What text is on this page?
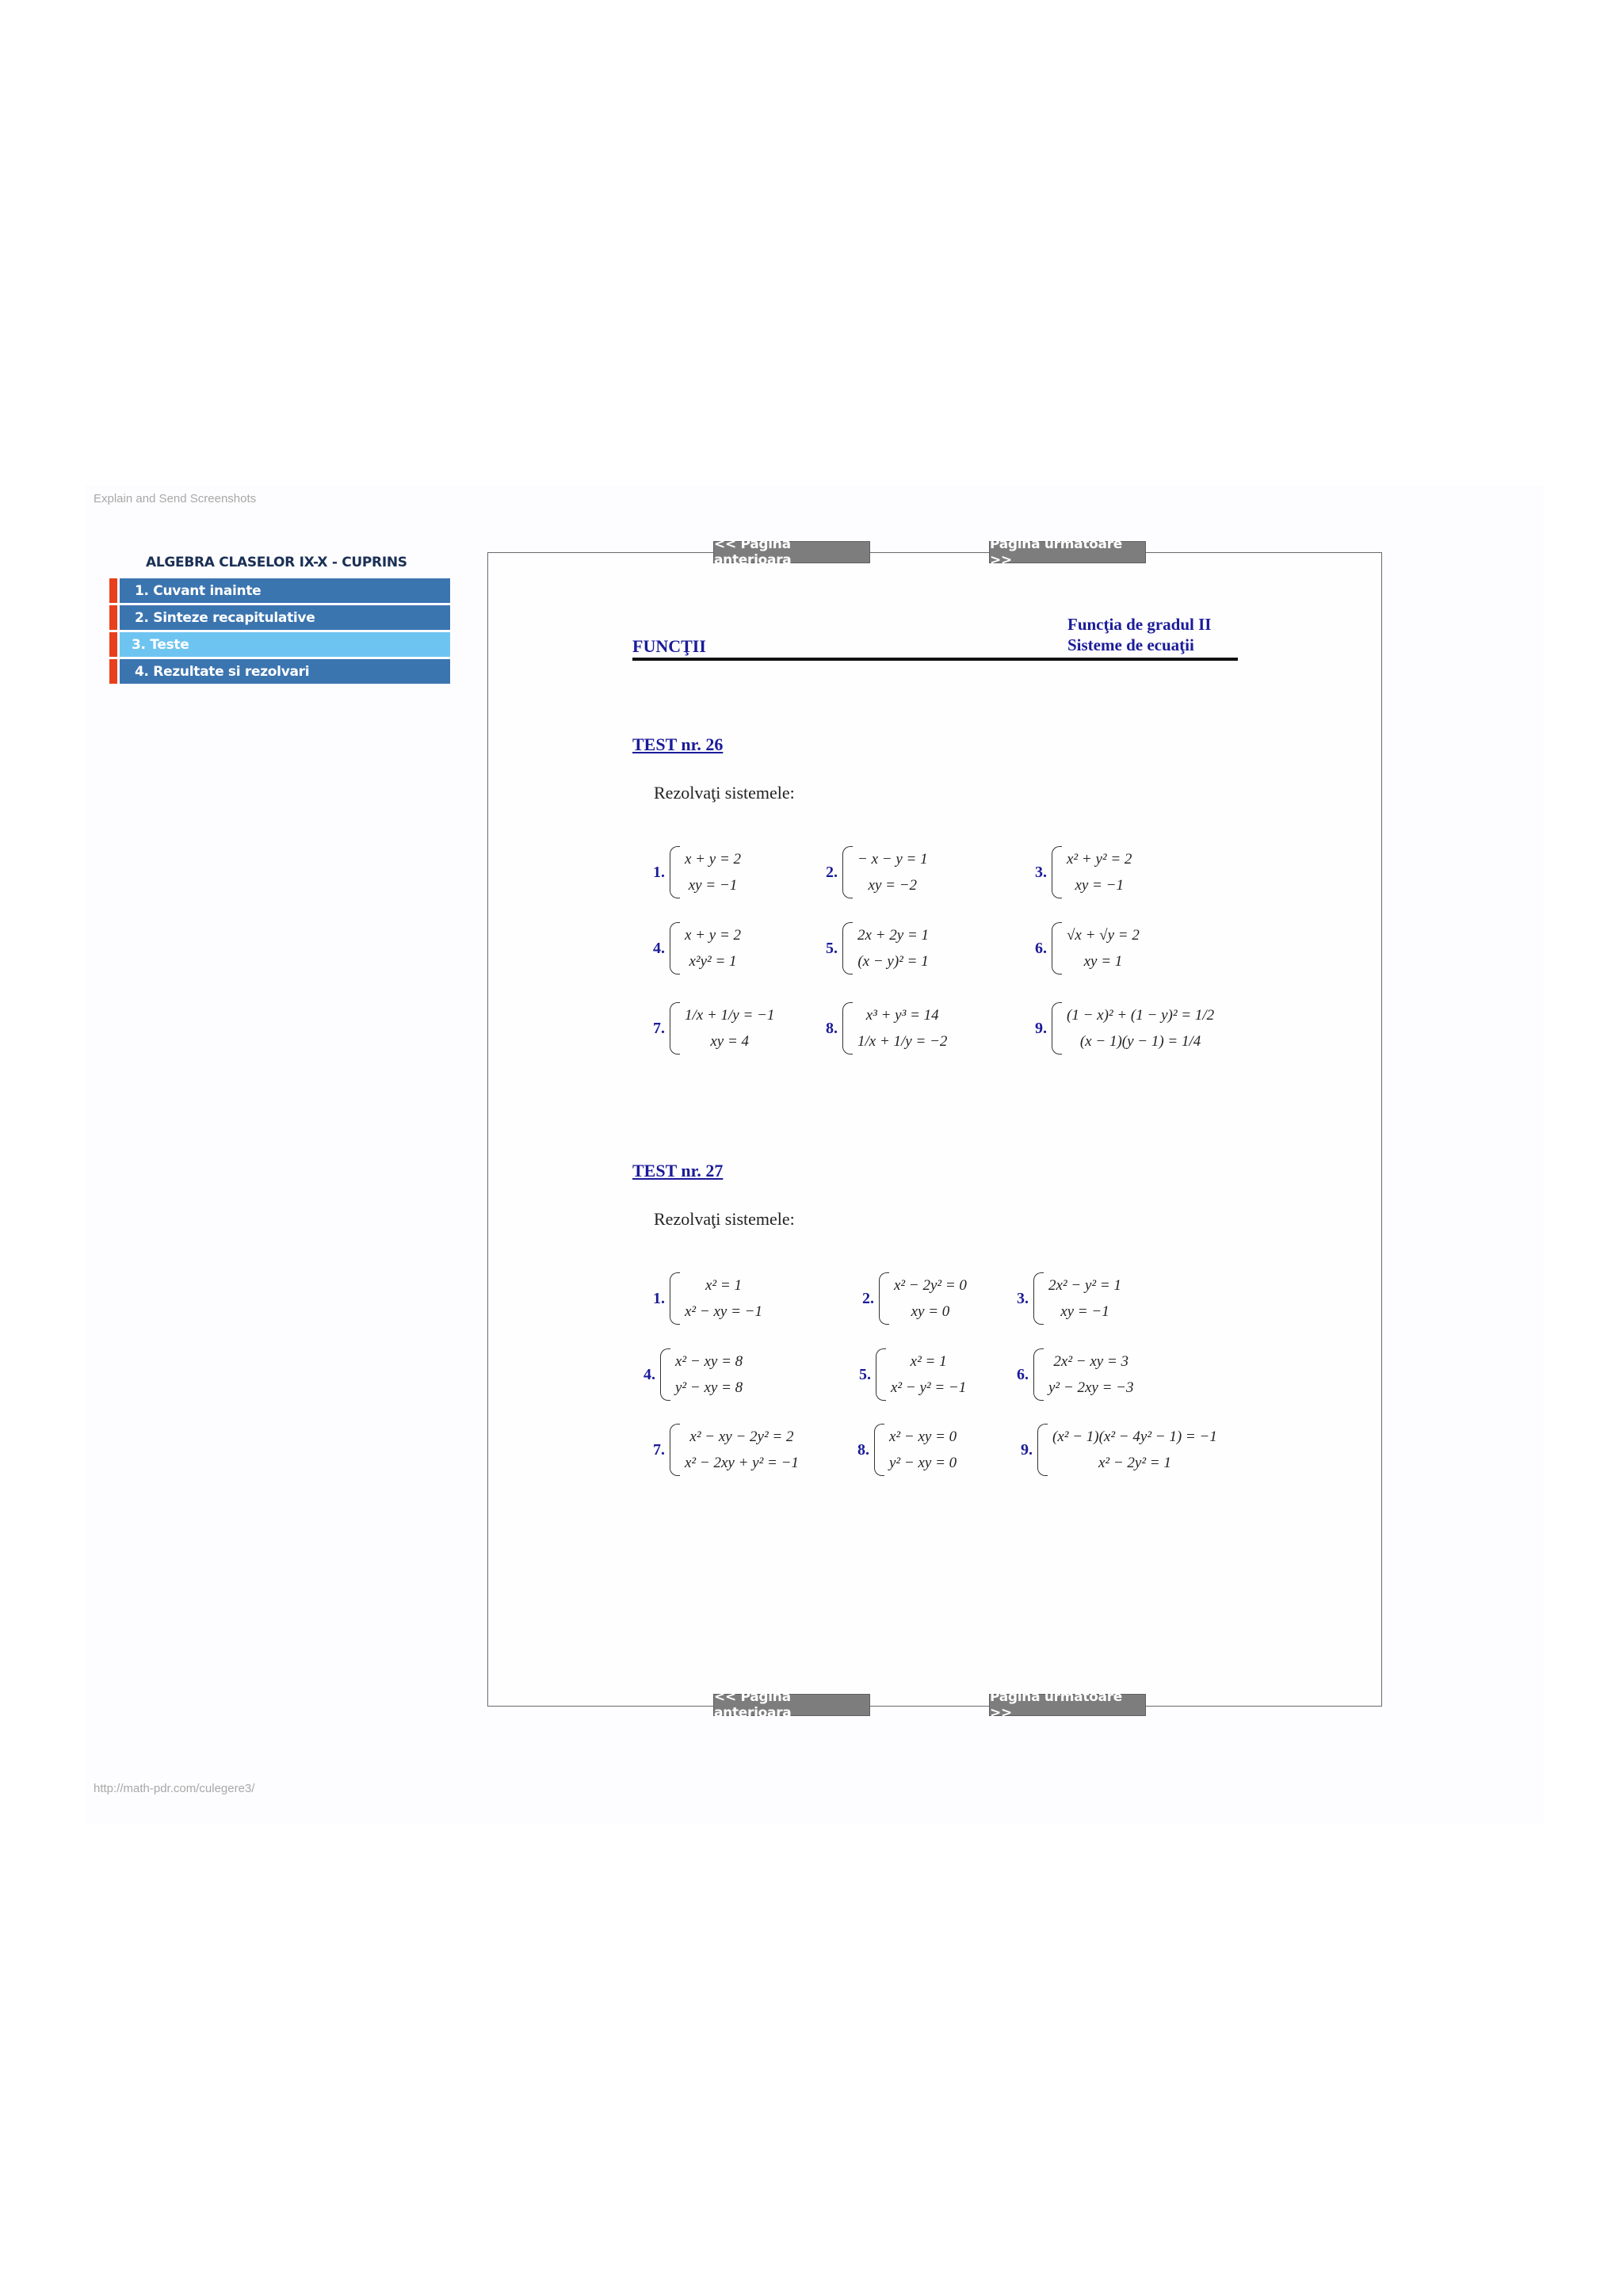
Explain and Send Screenshots
http://math-pdr.com/culegere3/
ALGEBRA CLASELOR IX-X - CUPRINS
1. Cuvant inainte
2. Sinteze recapitulative
3. Teste
4. Rezultate si rezolvari
<< Pagina anterioara
Pagina urmatoare >>
<< Pagina anterioara
Pagina urmatoare >>
FUNCŢII
Funcţia de gradul II
Sisteme de ecuaţii
TEST nr. 26
Rezolvaţi sistemele:
1.
x + y = 2
xy = −1
2.
− x − y = 1
xy = −2
3.
x² + y² = 2
xy = −1
4.
x + y = 2
x²y² = 1
5.
2x + 2y = 1
(x − y)² = 1
6.
√x + √y = 2
xy = 1
7.
1/x + 1/y = −1
xy = 4
8.
x³ + y³ = 14
1/x + 1/y = −2
9.
(1 − x)² + (1 − y)² = 1/2
(x − 1)(y − 1) = 1/4
TEST nr. 27
Rezolvaţi sistemele:
1.
x² = 1
x² − xy = −1
2.
x² − 2y² = 0
xy = 0
3.
2x² − y² = 1
xy = −1
4.
x² − xy = 8
y² − xy = 8
5.
x² = 1
x² − y² = −1
6.
2x² − xy = 3
y² − 2xy = −3
7.
x² − xy − 2y² = 2
x² − 2xy + y² = −1
8.
x² − xy = 0
y² − xy = 0
9.
(x² − 1)(x² − 4y² − 1) = −1
x² − 2y² = 1
